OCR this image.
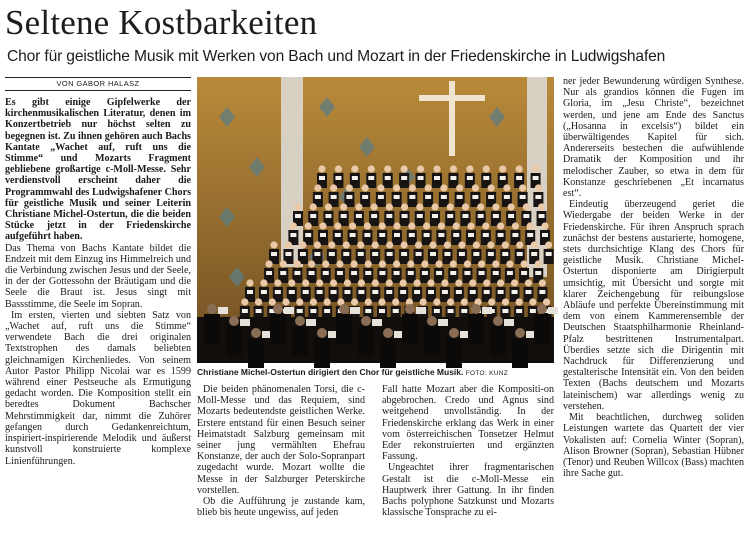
Seltene Kostbarkeiten
Chor für geistliche Musik mit Werken von Bach und Mozart in der Friedenskirche in Ludwigshafen
VON GABOR HALASZ

Es gibt einige Gipfelwerke der kirchenmusikalischen Literatur, denen im Konzertbetrieb nur höchst selten zu begegnen ist. Zu ihnen gehören auch Bachs Kantate „Wachet auf, ruft uns die Stimme“ und Mozarts Fragment gebliebene großartige c-Moll-Messe. Sehr verdienstvoll erscheint daher die Programmwahl des Ludwigshafener Chors für geistliche Musik und seiner Leiterin Christiane Michel-Ostertun, die die beiden Stücke jetzt in der Friedenskirche aufgeführt haben.

Das Thema von Bachs Kantate bildet die Endzeit mit dem Einzug ins Himmelreich und die Verbindung zwischen Jesus und der Seele, in der der Gottessohn der Bräutigam und die Seele die Braut ist. Jesus singt mit Bassstimme, die Seele im Sopran.

Im ersten, vierten und siebten Satz von „Wachet auf, ruft uns die Stimme“ verwendete Bach die drei originalen Textstrophen des damals beliebten gleichnamigen Kirchenliedes. Von seinem Autor Pastor Philipp Nicolai war es 1599 während einer Pestseuche als Ermutigung gedacht worden. Die Komposition stellt ein beredtes Dokument Bachscher Mehrstimmigkeit dar, nimmt die Zuhörer gefangen durch Gedankenreichtum, inspiriert-inspirierende Melodik und äußerst kunstvoll konstruierte komplexe Linienführungen.

Christiane Michel-Ostertun dirigiert den Chor für geistliche Musik. FOTO: KUNZ

Die beiden phänomenalen Torsi, die c-Moll-Messe und das Requiem, sind Mozarts bedeutendste geistlichen Werke. Erstere entstand für einen Besuch seiner Heimatstadt Salzburg gemeinsam mit seiner jung vermählten Ehefrau Konstanze, der auch der Solo-Sopranpart zugedacht wurde. Mozart wollte die Messe in der Salzburger Peterskirche vorstellen.

Ob die Aufführung je zustande kam, blieb bis heute ungewiss, auf jeden

Fall hatte Mozart aber die Kompositi-on abgebrochen. Credo und Agnus sind weitgehend unvollständig. In der Friedenskirche erklang das Werk in einer vom österreichischen Tonsetzer Helmut Eder rekonstruierten und ergänzten Fassung.

Ungeachtet ihrer fragmentarischen Gestalt ist die c-Moll-Messe ein Hauptwerk ihrer Gattung. In ihr finden Bachs polyphone Satzkunst und Mozarts klassische Tonsprache zu ei-

ner jeder Bewunderung würdigen Synthese. Nur als grandios können die Fugen im Gloria, im „Jesu Christe“, bezeichnet werden, und jene am Ende des Sanctus („Hosanna in excelsis“) bildet ein überwältigendes Kapitel für sich. Andererseits bestechen die aufwühlende Dramatik der Komposition und ihr melodischer Zauber, so etwa in dem für Konstanze geschriebenen „Et incarnatus est“.

Eindeutig überzeugend geriet die Wiedergabe der beiden Werke in der Friedenskirche. Für ihren Anspruch sprach zunächst der bestens austarierte, homogene, stets durchsichtige Klang des Chors für geistliche Musik. Christiane Michel-Ostertun disponierte am Dirigierpult umsichtig, mit Übersicht und sorgte mit klarer Zeichengebung für reibungslose Abläufe und perfekte Übereinstimmung mit dem von einem Kammerensemble der Deutschen Staatsphilharmonie Rheinland-Pfalz bestrittenen Instrumentalpart. Überdies setzte sich die Dirigentin mit Nachdruck für Differenzierung und gestalterische Intensität ein. Von den beiden Texten (Bachs deutschem und Mozarts lateinischem) war allerdings wenig zu verstehen.

Mit beachtlichen, durchweg soliden Leistungen wartete das Quartett der vier Vokalisten auf: Cornelia Winter (Sopran), Alison Browner (Sopran), Sebastian Hübner (Tenor) und Reuben Willcox (Bass) machten ihre Sache gut.
